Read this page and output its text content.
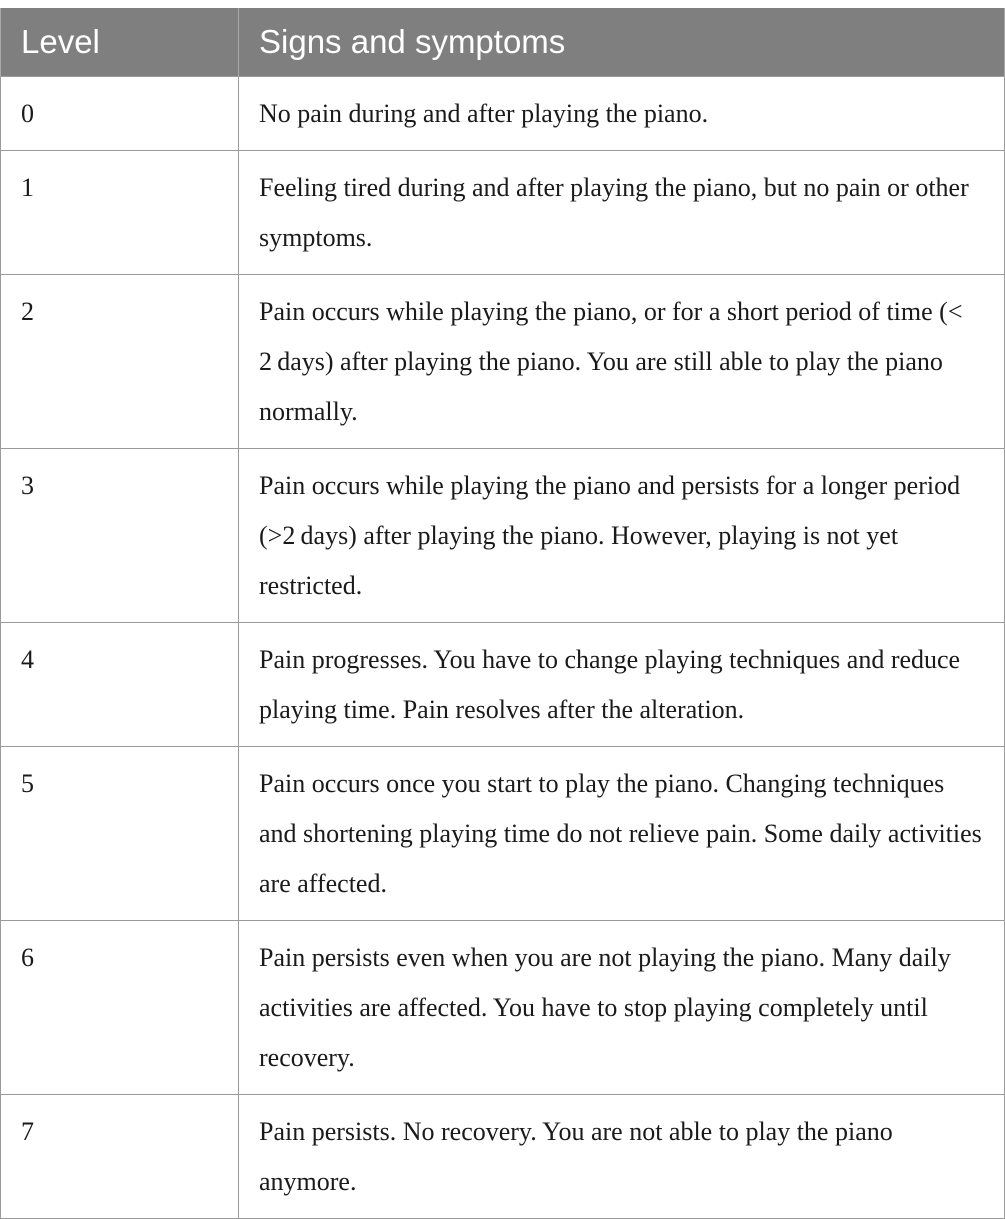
Level	Signs and symptoms
0	No pain during and after playing the piano.
1	Feeling tired during and after playing the piano, but no pain or other symptoms.
2	Pain occurs while playing the piano, or for a short period of time (< 2 days) after playing the piano. You are still able to play the piano normally.
3	Pain occurs while playing the piano and persists for a longer period (>2 days) after playing the piano. However, playing is not yet restricted.
4	Pain progresses. You have to change playing techniques and reduce playing time. Pain resolves after the alteration.
5	Pain occurs once you start to play the piano. Changing techniques and shortening playing time do not relieve pain. Some daily activities are affected.
6	Pain persists even when you are not playing the piano. Many daily activities are affected. You have to stop playing completely until recovery.
7	Pain persists. No recovery. You are not able to play the piano anymore.
